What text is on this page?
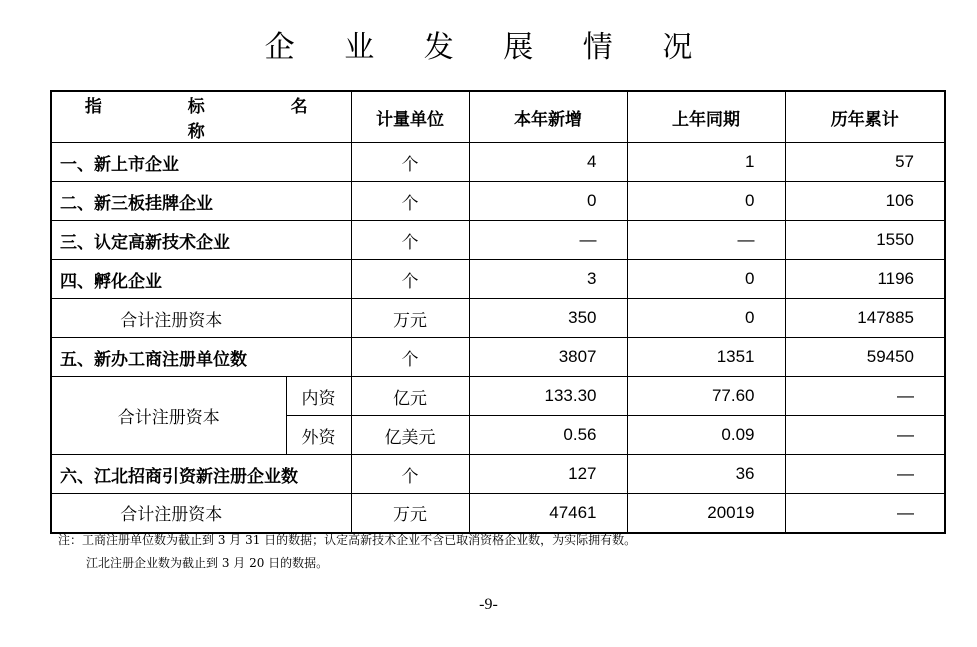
企 业 发 展 情 况
指 标 名 称		计量单位	本年新增	上年同期	历年累计
一、新上市企业		个	4	1	57
二、新三板挂牌企业		个	0	0	106
三、认定高新技术企业		个	—	—	1550
四、孵化企业		个	3	0	1196
合计注册资本		万元	350	0	147885
五、新办工商注册单位数		个	3807	1351	59450
合计注册资本	内资	亿元	133.30	77.60	—
	外资	亿美元	0.56	0.09	—
六、江北招商引资新注册企业数		个	127	36	—
合计注册资本		万元	47461	20019	—
注：工商注册单位数为截止到 3 月 31 日的数据；认定高新技术企业不含已取消资格企业数，为实际拥有数。
江北注册企业数为截止到 3 月 20 日的数据。
-9-
